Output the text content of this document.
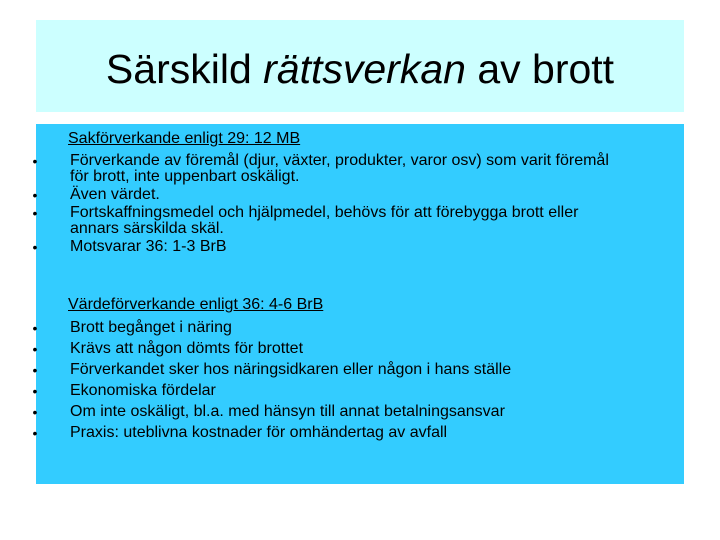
Särskild rättsverkan av brott

Sakförverkande enligt 29: 12 MB

• Förverkande av föremål (djur, växter, produkter, varor osv) som varit föremål för brott, inte uppenbart oskäligt.
• Även värdet.
• Fortskaffningsmedel och hjälpmedel, behövs för att förebygga brott eller annars särskilda skäl.
• Motsvarar 36: 1-3 BrB

Värdeförverkande enligt 36: 4-6 BrB

• Brott begånget i näring
• Krävs att någon dömts för brottet
• Förverkandet sker hos näringsidkaren eller någon i hans ställe
• Ekonomiska fördelar
• Om inte oskäligt, bl.a. med hänsyn till annat betalningsansvar
• Praxis: uteblivna kostnader för omhändertag av avfall
